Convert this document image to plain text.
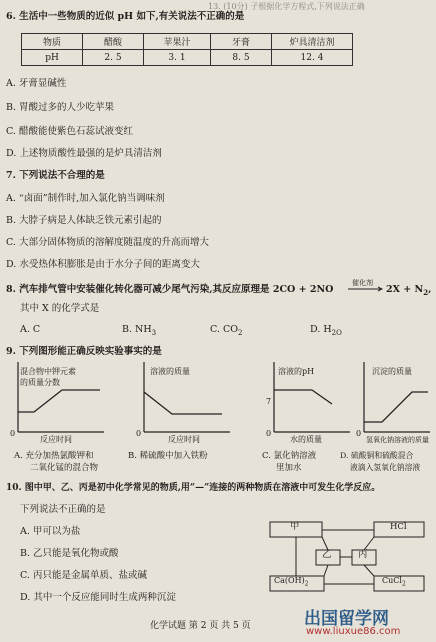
13. (10分) 子根据化学方程式,下列说法正确
6. 生活中一些物质的近似 pH 如下,有关说法不正确的是
物质	醋酸	苹果汁	牙膏	炉具清洁剂
pH	2. 5	3. 1	8. 5	12. 4
A. 牙膏显碱性
B. 胃酸过多的人少吃苹果
C. 醋酸能使紫色石蕊试液变红
D. 上述物质酸性最强的是炉具清洁剂
7. 下列说法不合理的是
A. “卤面”制作时,加入氯化钠当调味剂
B. 大脖子病是人体缺乏铁元素引起的
C. 大部分固体物质的溶解度随温度的升高而增大
D. 水受热体积膨胀是由于水分子间的距离变大
8. 汽车排气管中安装催化转化器可减少尾气污染,其反应原理是 2CO + 2NO
催化剂
→ $2X + N_2$,
其中 X 的化学式是
A. C	B. $NH_3$	C. $CO_2$	D. $H_{2O}$
9. 下列图形能正确反映实验事实的是
混合物中钾元素
的质量分数
0
反应时间
溶液的质量
0
反应时间
溶液的pH
7
0
水的质量
沉淀的质量
0
氢氧化钠溶液的质量
A. 充分加热氯酸钾和
二氧化锰的混合物
B. 稀硫酸中加入铁粉	C. 氯化钠溶液
里加水
D. 硫酸铜和硫酸混合
液滴入氢氧化钠溶液
10. 图中甲、乙、丙是初中化学常见的物质,用“—”连接的两种物质在溶液中可发生化学反应。
下列说法不正确的是
A. 甲可以为盐
B. 乙只能是氧化物或酸
C. 丙只能是金属单质、盐或碱
D. 其中一个反应能同时生成两种沉淀
甲	HCl
乙	丙
$Ca(OH)_2$	CuCl$_2$
化学试题 第 2 页 共 5 页	出国留学网
www.liuxue86.com
